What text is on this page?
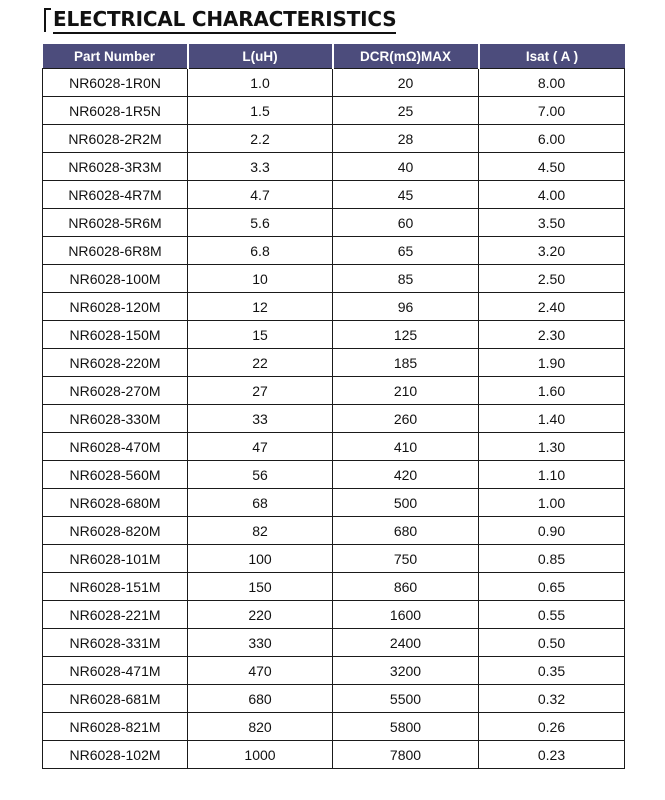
ELECTRICAL CHARACTERISTICS
Part Number	L(uH)	DCR(mΩ)MAX	Isat ( A )
NR6028-1R0N	1.0	20	8.00
NR6028-1R5N	1.5	25	7.00
NR6028-2R2M	2.2	28	6.00
NR6028-3R3M	3.3	40	4.50
NR6028-4R7M	4.7	45	4.00
NR6028-5R6M	5.6	60	3.50
NR6028-6R8M	6.8	65	3.20
NR6028-100M	10	85	2.50
NR6028-120M	12	96	2.40
NR6028-150M	15	125	2.30
NR6028-220M	22	185	1.90
NR6028-270M	27	210	1.60
NR6028-330M	33	260	1.40
NR6028-470M	47	410	1.30
NR6028-560M	56	420	1.10
NR6028-680M	68	500	1.00
NR6028-820M	82	680	0.90
NR6028-101M	100	750	0.85
NR6028-151M	150	860	0.65
NR6028-221M	220	1600	0.55
NR6028-331M	330	2400	0.50
NR6028-471M	470	3200	0.35
NR6028-681M	680	5500	0.32
NR6028-821M	820	5800	0.26
NR6028-102M	1000	7800	0.23
